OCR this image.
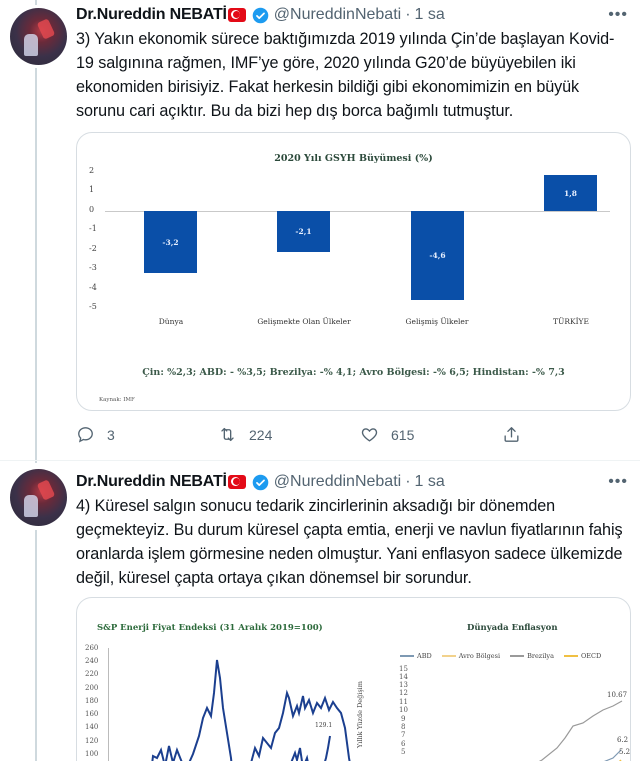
Dr.Nureddin NEBATİ	@NureddinNebati · 1 sa	•••
3) Yakın ekonomik sürece baktığımızda 2019 yılında Çin’de başlayan Kovid-19 salgınına rağmen, IMF’ye göre, 2020 yılında G20’de büyüyebilen iki ekonomiden birisiyiz. Fakat herkesin bildiği gibi ekonomimizin en büyük sorunu cari açıktır. Bu da bizi hep dış borca bağımlı tutmuştur.
2020 Yılı GSYH Büyümesi (%)
2
1
0
-1
-2
-3
-4
-5
-3,2
-2,1
-4,6
1,8
Dünya	Gelişmekte Olan Ülkeler	Gelişmiş Ülkeler	TÜRKİYE
Çin: %2,3; ABD: - %3,5; Brezilya: -% 4,1; Avro Bölgesi: -% 6,5; Hindistan: -% 7,3
Kaynak: IMF
3	224	615
Dr.Nureddin NEBATİ	@NureddinNebati · 1 sa	•••
4) Küresel salgın sonucu tedarik zincirlerinin aksadığı bir dönemden geçmekteyiz. Bu durum küresel çapta emtia, enerji ve navlun fiyatlarının fahiş oranlarda işlem görmesine neden olmuştur. Yani enflasyon sadece ülkemizde değil, küresel çapta ortaya çıkan dönemsel bir sorundur.
S&P Enerji Fiyat Endeksi (31 Aralık 2019=100)
260
240
220
200
180
160
140
120
100
129.1
Dünyada Enflasyon
ABD	Avro Bölgesi	Brezilya	OECD
Yıllık Yüzde Değişim
15
14
13
12
11
10
9
8
7
6
5
10.67
6.2
5.2
